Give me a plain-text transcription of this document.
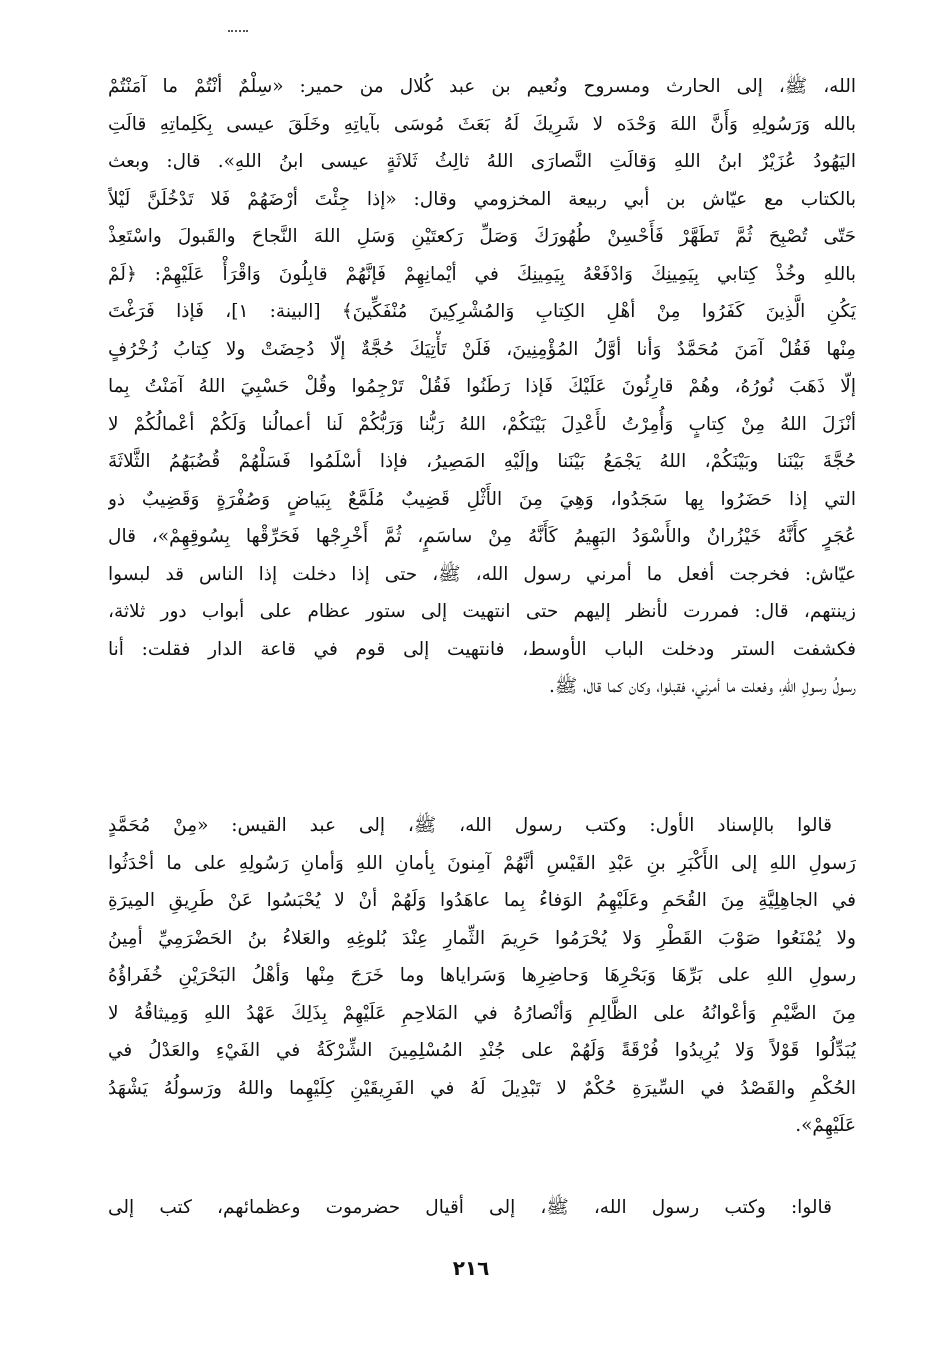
الله، ﷺ، إلى الحارث ومسروح ونُعيم بن عبد كُلال من حمير: «سِلْمٌ أنْتُمْ ما آمَنْتُمْ
بالله وَرَسُولِهِ وَأَنَّ اللهَ وَحْدَه لا شَرِيكَ لَهُ بَعَثَ مُوسَى بآياتِهِ وخَلَقَ عيسى بِكَلِماتِهِ قالَتِ
اليَهُودُ عُزَيْرٌ ابنُ اللهِ وَقالَتِ النَّصارَى اللهُ ثالِثُ ثَلاثَةٍ عيسى ابنُ اللهِ». قال: وبعث
بالكتاب مع عيّاش بن أبي ربيعة المخزومي وقال: «إذا جِئْتَ أرْضَهُمْ فَلا تَدْخُلَنَّ لَيْلاً
حَتّى تُصْبِحَ ثُمَّ تَطَهَّرْ فَأَحْسِنْ طُهُورَكَ وَصَلِّ رَكعتَيْنِ وَسَلِ اللهَ النَّجاحَ والقَبولَ واسْتَعِذْ
باللهِ وخُذْ كِتابي بِيَمِينِكَ وَادْفَعْهُ بِيَمِينِكَ في أيْمانِهِمْ فَإنَّهُمْ قابِلُونَ وَاقْرَأْ عَلَيْهِمْ: ﴿لَمْ
يَكُنِ الَّذِينَ كَفَرُوا مِنْ أهْلِ الكِتابِ وَالمُشْرِكِينَ مُنْفَكِّينَ﴾ [البينة: ١]، فَإذا فَرَغْتَ
مِنْها فَقُلْ آمَنَ مُحَمَّدٌ وَأنا أوَّلُ المُؤْمِنِينَ، فَلَنْ تَأْتِيَكَ حُجَّةٌ إلّا دُحِضَتْ ولا كِتابُ زُخْرُفٍ
إلّا ذَهَبَ نُورُهُ، وهُمْ قارِئُونَ عَلَيْكَ فَإذا رَطَنُوا فَقُلْ تَرْجِمُوا وقُلْ حَسْبِيَ اللهُ آمَنْتُ بِما
أنْزَلَ اللهُ مِنْ كِتابٍ وَأُمِرْتُ لأَعْدِلَ بَيْنَكُمْ، اللهُ رَبُّنا وَرَبُّكُمْ لَنا أعمالُنا وَلَكُمْ أعْمالُكُمْ لا
حُجَّةَ بَيْنَنا وبَيْنَكُمْ، اللهُ يَجْمَعُ بَيْنَنا وإلَيْهِ المَصِيرُ، فإذا أسْلَمُوا فَسَلْهُمْ قُضُبَهُمُ الثَّلاثَةَ
التي إذا حَضَرُوا بِها سَجَدُوا، وَهِيَ مِنَ الأَثْلِ قَضِيبٌ مُلَمَّعٌ بِبَياضٍ وَصُفْرَةٍ وَقَضِيبٌ ذو
عُجَرٍ كأَنَّهُ خَيْزُرانٌ والأَسْوَدُ البَهِيمُ كَأَنَّهُ مِنْ ساسَمٍ، ثُمَّ أَخْرِجْها فَحَرِّقْها بِسُوقِهِمْ»، قال
عيّاش: فخرجت أفعل ما أمرني رسول الله، ﷺ، حتى إذا دخلت إذا الناس قد لبسوا
زينتهم، قال: فمررت لأنظر إليهم حتى انتهيت إلى ستور عظام على أبواب دور ثلاثة،
فكشفت الستر ودخلت الباب الأوسط، فانتهيت إلى قوم في قاعة الدار فقلت: أنا
رسولُ رسولِ اللهِ، وفعلت ما أمرني، فقبلوا، وكان كما قال، ﷺ.
قالوا بالإسناد الأول: وكتب رسول الله، ﷺ، إلى عبد القيس: «مِنْ مُحَمَّدٍ
رَسولِ اللهِ إلى الأَكْبَرِ بنِ عَبْدِ القَيْسِ أنَّهُمْ آمِنونَ بِأمانِ اللهِ وَأمانِ رَسُولِهِ على ما أحْدَثُوا
في الجاهِلِيَّةِ مِنَ القُحَمِ وعَلَيْهِمُ الوَفاءُ بِما عاهَدُوا وَلَهُمْ أنْ لا يُحْبَسُوا عَنْ طَرِيقِ المِيرَةِ
ولا يُمْنَعُوا صَوْبَ القَطْرِ وَلا يُحْرَمُوا حَرِيمَ الثِّمارِ عِنْدَ بُلوغِهِ والعَلاءُ بنُ الحَضْرَمِيِّ أمِينُ
رسولِ اللهِ على بَرِّهَا وَبَحْرِهَا وَحاضِرِها وَسَراياها وما خَرَجَ مِنْها وَأهْلُ البَحْرَيْنِ خُفَراؤُهُ
مِنَ الضَّيْمِ وَأعْوانُهُ على الظَّالِمِ وَأنْصارُهُ في المَلاحِمِ عَلَيْهِمْ بِذَلِكَ عَهْدُ اللهِ وَمِيثاقُهُ لا
يُبَدِّلُوا قَوْلاً وَلا يُرِيدُوا فُرْقَةً وَلَهُمْ على جُنْدِ المُسْلِمِينَ الشِّرْكَةُ في الفَيْءِ والعَدْلُ في
الحُكْمِ والقَصْدُ في السِّيرَةِ حُكْمٌ لا تَبْدِيلَ لَهُ في الفَرِيقَيْنِ كِلَيْهِما واللهُ ورَسولُهُ يَشْهَدُ
عَلَيْهِمْ».
قالوا: وكتب رسول الله، ﷺ، إلى أقيال حضرموت وعظمائهم، كتب إلى
٢١٦
